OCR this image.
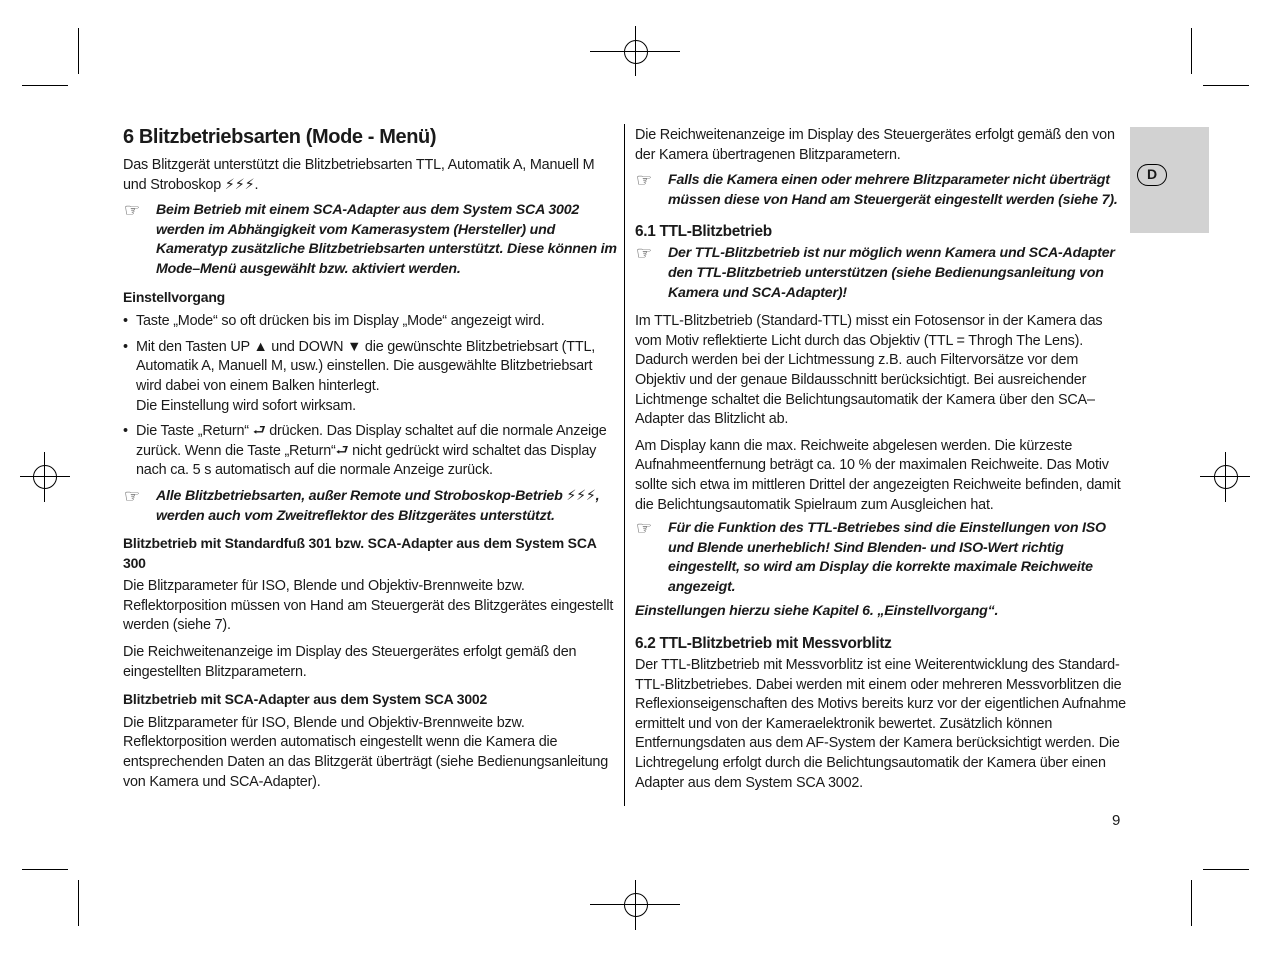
D
6 Blitzbetriebsarten (Mode - Menü)

Das Blitzgerät unterstützt die Blitzbetriebsarten TTL, Automatik A, Manuell M und Stroboskop ⚡⚡⚡.

☞	Beim Betrieb mit einem SCA-Adapter aus dem System SCA 3002 werden im Abhängigkeit vom Kamerasystem (Hersteller) und Kameratyp zusätzliche Blitzbetriebsarten unterstützt. Diese können im Mode–Menü ausgewählt bzw. aktiviert werden.

Einstellvorgang

• Taste „Mode“ so oft drücken bis im Display „Mode“ angezeigt wird.
• Mit den Tasten UP ▲ und DOWN ▼ die gewünschte Blitzbetriebsart (TTL, Automatik A, Manuell M, usw.) einstellen. Die ausgewählte Blitzbetriebsart wird dabei von einem Balken hinterlegt.
Die Einstellung wird sofort wirksam.
• Die Taste „Return“ ⮐ drücken. Das Display schaltet auf die normale Anzeige zurück. Wenn die Taste „Return“⮐ nicht gedrückt wird schaltet das Display nach ca. 5 s automatisch auf die normale Anzeige zurück.
☞	Alle Blitzbetriebsarten, außer Remote und Stroboskop-Betrieb ⚡⚡⚡, werden auch vom Zweitreflektor des Blitzgerätes unterstützt.

Blitzbetrieb mit Standardfuß 301 bzw. SCA-Adapter aus dem System SCA 300

Die Blitzparameter für ISO, Blende und Objektiv-Brennweite bzw. Reflektorposition müssen von Hand am Steuergerät des Blitzgerätes eingestellt werden (siehe 7).

Die Reichweitenanzeige im Display des Steuergerätes erfolgt gemäß den eingestellten Blitzparametern.

Blitzbetrieb mit SCA-Adapter aus dem System SCA 3002

Die Blitzparameter für ISO, Blende und Objektiv-Brennweite bzw. Reflektorposition werden automatisch eingestellt wenn die Kamera die entsprechenden Daten an das Blitzgerät überträgt (siehe Bedienungsanleitung von Kamera und SCA-Adapter).

Die Reichweitenanzeige im Display des Steuergerätes erfolgt gemäß den von der Kamera übertragenen Blitzparametern.

☞	Falls die Kamera einen oder mehrere Blitzparameter nicht überträgt müssen diese von Hand am Steuergerät eingestellt werden (siehe 7).
6.1 TTL-Blitzbetrieb
☞	Der TTL-Blitzbetrieb ist nur möglich wenn Kamera und SCA-Adapter den TTL-Blitzbetrieb unterstützen (siehe Bedienungsanleitung von Kamera und SCA-Adapter)!

Im TTL-Blitzbetrieb (Standard-TTL) misst ein Fotosensor in der Kamera das vom Motiv reflektierte Licht durch das Objektiv (TTL = Throgh The Lens). Dadurch werden bei der Lichtmessung z.B. auch Filtervorsätze vor dem Objektiv und der genaue Bildausschnitt berücksichtigt. Bei ausreichender Lichtmenge schaltet die Belichtungsautomatik der Kamera über den SCA–Adapter das Blitzlicht ab.

Am Display kann die max. Reichweite abgelesen werden. Die kürzeste Aufnahmeentfernung beträgt ca. 10 % der maximalen Reichweite. Das Motiv sollte sich etwa im mittleren Drittel der angezeigten Reichweite befinden, damit die Belichtungsautomatik Spielraum zum Ausgleichen hat.

☞	Für die Funktion des TTL-Betriebes sind die Einstellungen von ISO und Blende unerheblich! Sind Blenden- und ISO-Wert richtig eingestellt, so wird am Display die korrekte maximale Reichweite angezeigt.

Einstellungen hierzu siehe Kapitel 6. „Einstellvorgang“.

6.2 TTL-Blitzbetrieb mit Messvorblitz

Der TTL-Blitzbetrieb mit Messvorblitz ist eine Weiterentwicklung des Standard-TTL-Blitzbetriebes. Dabei werden mit einem oder mehreren Messvorblitzen die Reflexionseigenschaften des Motivs bereits kurz vor der eigentlichen Aufnahme ermittelt und von der Kameraelektronik bewertet. Zusätzlich können Entfernungsdaten aus dem AF-System der Kamera berücksichtigt werden. Die Lichtregelung erfolgt durch die Belichtungsautomatik der Kamera über einen Adapter aus dem System SCA 3002.

9
